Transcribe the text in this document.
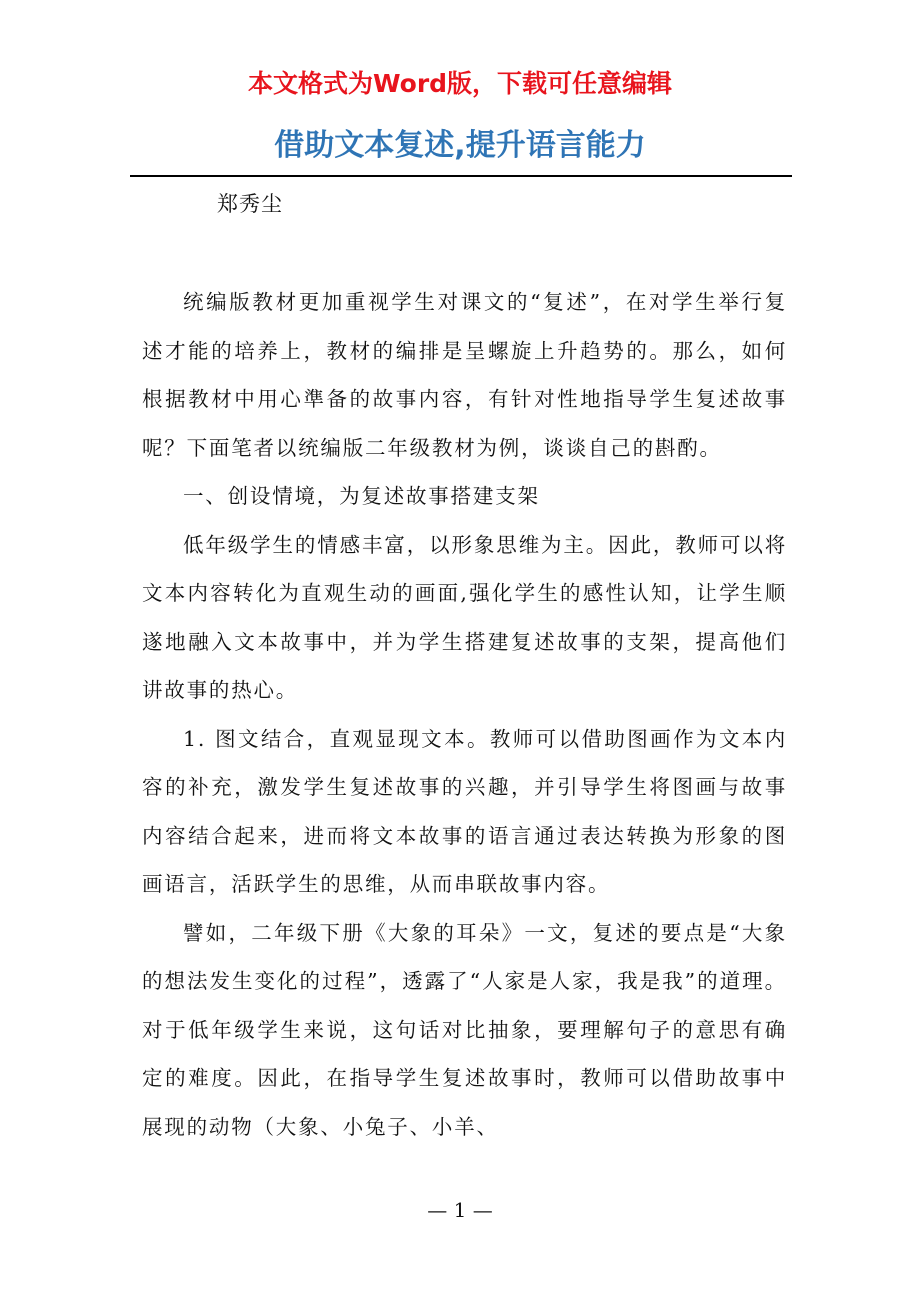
本文格式为Word版，下载可任意编辑
借助文本复述,提升语言能力
郑秀尘

统编版教材更加重视学生对课文的“复述”，在对学生举行复述才能的培养上，教材的编排是呈螺旋上升趋势的。那么，如何根据教材中用心準备的故事内容，有针对性地指导学生复述故事呢？下面笔者以统编版二年级教材为例，谈谈自己的斟酌。

一、创设情境，为复述故事搭建支架

低年级学生的情感丰富，以形象思维为主。因此，教师可以将文本内容转化为直观生动的画面,强化学生的感性认知，让学生顺遂地融入文本故事中，并为学生搭建复述故事的支架，提高他们讲故事的热心。

1. 图文结合，直观显现文本。教师可以借助图画作为文本内容的补充，激发学生复述故事的兴趣，并引导学生将图画与故事内容结合起来，进而将文本故事的语言通过表达转换为形象的图画语言，活跃学生的思维，从而串联故事内容。

譬如，二年级下册《大象的耳朵》一文，复述的要点是“大象的想法发生变化的过程”，透露了“人家是人家，我是我”的道理。对于低年级学生来说，这句话对比抽象，要理解句子的意思有确定的难度。因此，在指导学生复述故事时，教师可以借助故事中展现的动物（大象、小兔子、小羊、

— 1 —
